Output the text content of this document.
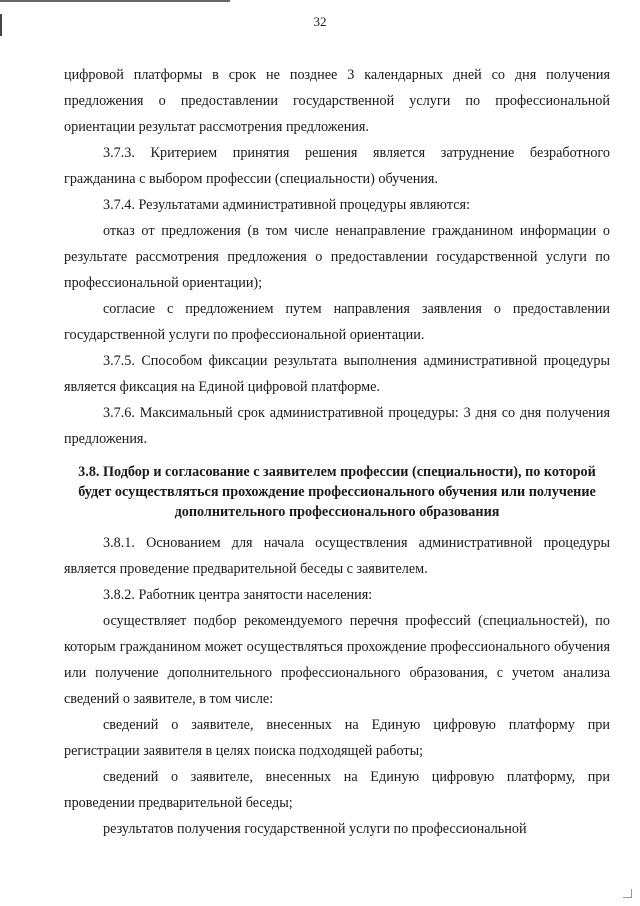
32

цифровой платформы в срок не позднее 3 календарных дней со дня получения предложения о предоставлении государственной услуги по профессиональной ориентации результат рассмотрения предложения.

3.7.3. Критерием принятия решения является затруднение безработного гражданина с выбором профессии (специальности) обучения.

3.7.4. Результатами административной процедуры являются:

отказ от предложения (в том числе ненаправление гражданином информации о результате рассмотрения предложения о предоставлении государственной услуги по профессиональной ориентации);

согласие с предложением путем направления заявления о предоставлении государственной услуги по профессиональной ориентации.

3.7.5. Способом фиксации результата выполнения административной процедуры является фиксация на Единой цифровой платформе.

3.7.6. Максимальный срок административной процедуры: 3 дня со дня получения предложения.

3.8. Подбор и согласование с заявителем профессии (специальности), по которой будет осуществляться прохождение профессионального обучения или получение дополнительного профессионального образования

3.8.1. Основанием для начала осуществления административной процедуры является проведение предварительной беседы с заявителем.

3.8.2. Работник центра занятости населения:

осуществляет подбор рекомендуемого перечня профессий (специальностей), по которым гражданином может осуществляться прохождение профессионального обучения или получение дополнительного профессионального образования, с учетом анализа сведений о заявителе, в том числе:

сведений о заявителе, внесенных на Единую цифровую платформу при регистрации заявителя в целях поиска подходящей работы;

сведений о заявителе, внесенных на Единую цифровую платформу, при проведении предварительной беседы;

результатов получения государственной услуги по профессиональной
